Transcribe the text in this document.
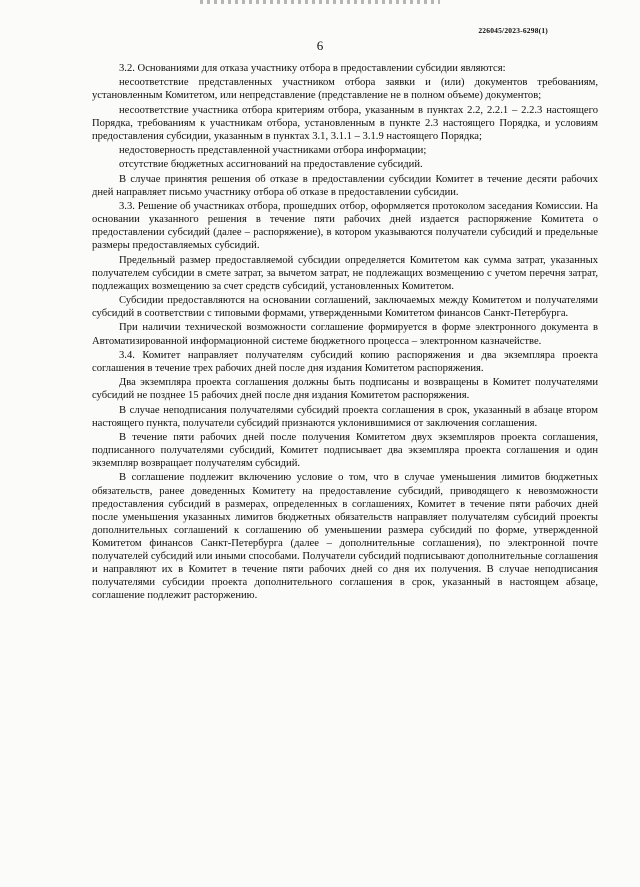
226045/2023-6298(1)
6

3.2. Основаниями для отказа участнику отбора в предоставлении субсидии являются:

несоответствие представленных участником отбора заявки и (или) документов требованиям, установленным Комитетом, или непредставление (представление не в полном объеме) документов;

несоответствие участника отбора критериям отбора, указанным в пунктах 2.2, 2.2.1 – 2.2.3 настоящего Порядка, требованиям к участникам отбора, установленным в пункте 2.3 настоящего Порядка, и условиям предоставления субсидии, указанным в пунктах 3.1, 3.1.1 – 3.1.9 настоящего Порядка;

недостоверность представленной участниками отбора информации;

отсутствие бюджетных ассигнований на предоставление субсидий.

В случае принятия решения об отказе в предоставлении субсидии Комитет в течение десяти рабочих дней направляет письмо участнику отбора об отказе в предоставлении субсидии.

3.3. Решение об участниках отбора, прошедших отбор, оформляется протоколом заседания Комиссии. На основании указанного решения в течение пяти рабочих дней издается распоряжение Комитета о предоставлении субсидий (далее – распоряжение), в котором указываются получатели субсидий и предельные размеры предоставляемых субсидий.

Предельный размер предоставляемой субсидии определяется Комитетом как сумма затрат, указанных получателем субсидии в смете затрат, за вычетом затрат, не подлежащих возмещению с учетом перечня затрат, подлежащих возмещению за счет средств субсидий, установленных Комитетом.

Субсидии предоставляются на основании соглашений, заключаемых между Комитетом и получателями субсидий в соответствии с типовыми формами, утвержденными Комитетом финансов Санкт-Петербурга.

При наличии технической возможности соглашение формируется в форме электронного документа в Автоматизированной информационной системе бюджетного процесса – электронном казначействе.

3.4. Комитет направляет получателям субсидий копию распоряжения и два экземпляра проекта соглашения в течение трех рабочих дней после дня издания Комитетом распоряжения.

Два экземпляра проекта соглашения должны быть подписаны и возвращены в Комитет получателями субсидий не позднее 15 рабочих дней после дня издания Комитетом распоряжения.

В случае неподписания получателями субсидий проекта соглашения в срок, указанный в абзаце втором настоящего пункта, получатели субсидий признаются уклонившимися от заключения соглашения.

В течение пяти рабочих дней после получения Комитетом двух экземпляров проекта соглашения, подписанного получателями субсидий, Комитет подписывает два экземпляра проекта соглашения и один экземпляр возвращает получателям субсидий.

В соглашение подлежит включению условие о том, что в случае уменьшения лимитов бюджетных обязательств, ранее доведенных Комитету на предоставление субсидий, приводящего к невозможности предоставления субсидий в размерах, определенных в соглашениях, Комитет в течение пяти рабочих дней после уменьшения указанных лимитов бюджетных обязательств направляет получателям субсидий проекты дополнительных соглашений к соглашению об уменьшении размера субсидий по форме, утвержденной Комитетом финансов Санкт-Петербурга (далее – дополнительные соглашения), по электронной почте получателей субсидий или иными способами. Получатели субсидий подписывают дополнительные соглашения и направляют их в Комитет в течение пяти рабочих дней со дня их получения. В случае неподписания получателями субсидии проекта дополнительного соглашения в срок, указанный в настоящем абзаце, соглашение подлежит расторжению.
